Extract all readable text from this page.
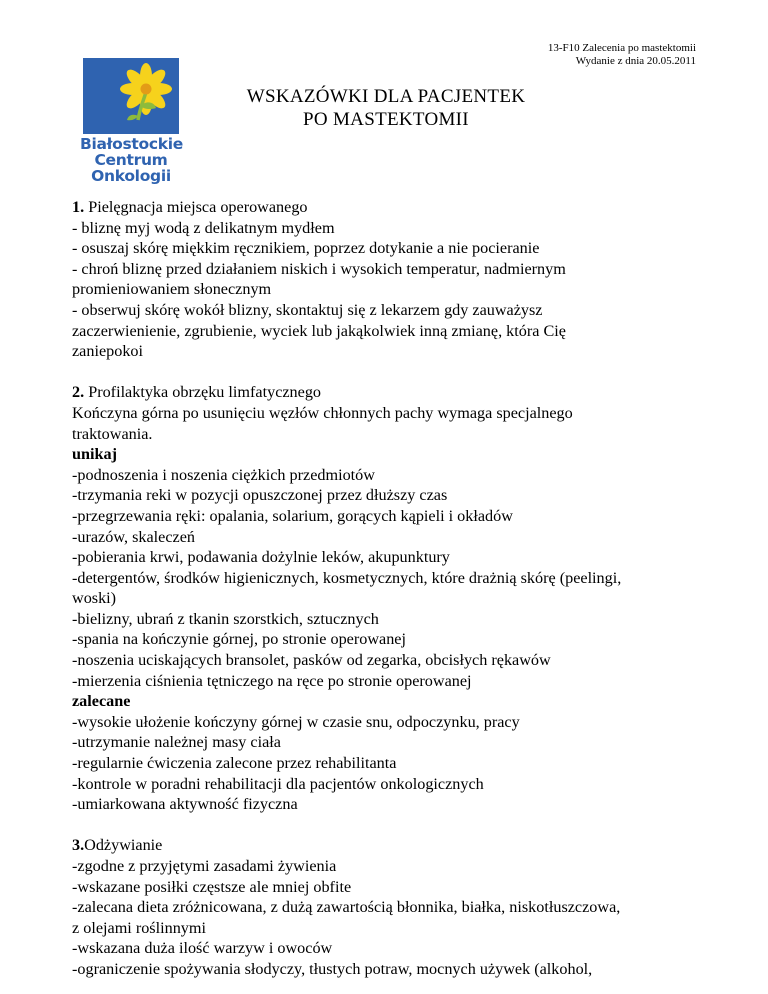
13-F10 Zalecenia po mastektomii
Wydanie z dnia 20.05.2011
Białostockie
Centrum
Onkologii
WSKAZÓWKI DLA PACJENTEK
PO MASTEKTOMII

1. Pielęgnacja miejsca operowanego

- bliznę myj wodą z delikatnym mydłem

- osuszaj skórę miękkim ręcznikiem, poprzez dotykanie a nie pocieranie

- chroń bliznę przed działaniem niskich i wysokich temperatur, nadmiernym

promieniowaniem słonecznym

- obserwuj skórę wokół blizny, skontaktuj się z lekarzem gdy zauważysz

zaczerwienienie, zgrubienie, wyciek lub jakąkolwiek inną zmianę, która Cię

zaniepokoi

2. Profilaktyka obrzęku limfatycznego

Kończyna górna po usunięciu węzłów chłonnych pachy wymaga specjalnego

traktowania.

unikaj

-podnoszenia i noszenia ciężkich przedmiotów

-trzymania reki w pozycji opuszczonej przez dłuższy czas

-przegrzewania ręki: opalania, solarium, gorących kąpieli i okładów

-urazów, skaleczeń

-pobierania krwi, podawania dożylnie leków, akupunktury

-detergentów, środków higienicznych, kosmetycznych, które drażnią skórę (peelingi,

woski)

-bielizny, ubrań z tkanin szorstkich, sztucznych

-spania na kończynie górnej, po stronie operowanej

-noszenia uciskających bransolet, pasków od zegarka, obcisłych rękawów

-mierzenia ciśnienia tętniczego na ręce po stronie operowanej

zalecane

-wysokie ułożenie kończyny górnej w czasie snu, odpoczynku, pracy

-utrzymanie należnej masy ciała

-regularnie ćwiczenia zalecone przez rehabilitanta

-kontrole w poradni rehabilitacji dla pacjentów onkologicznych

-umiarkowana aktywność fizyczna

3.Odżywianie

-zgodne z przyjętymi zasadami żywienia

-wskazane posiłki częstsze ale mniej obfite

-zalecana dieta zróżnicowana, z dużą zawartością błonnika, białka, niskotłuszczowa,

z olejami roślinnymi

-wskazana duża ilość warzyw i owoców

-ograniczenie spożywania słodyczy, tłustych potraw, mocnych używek (alkohol,
